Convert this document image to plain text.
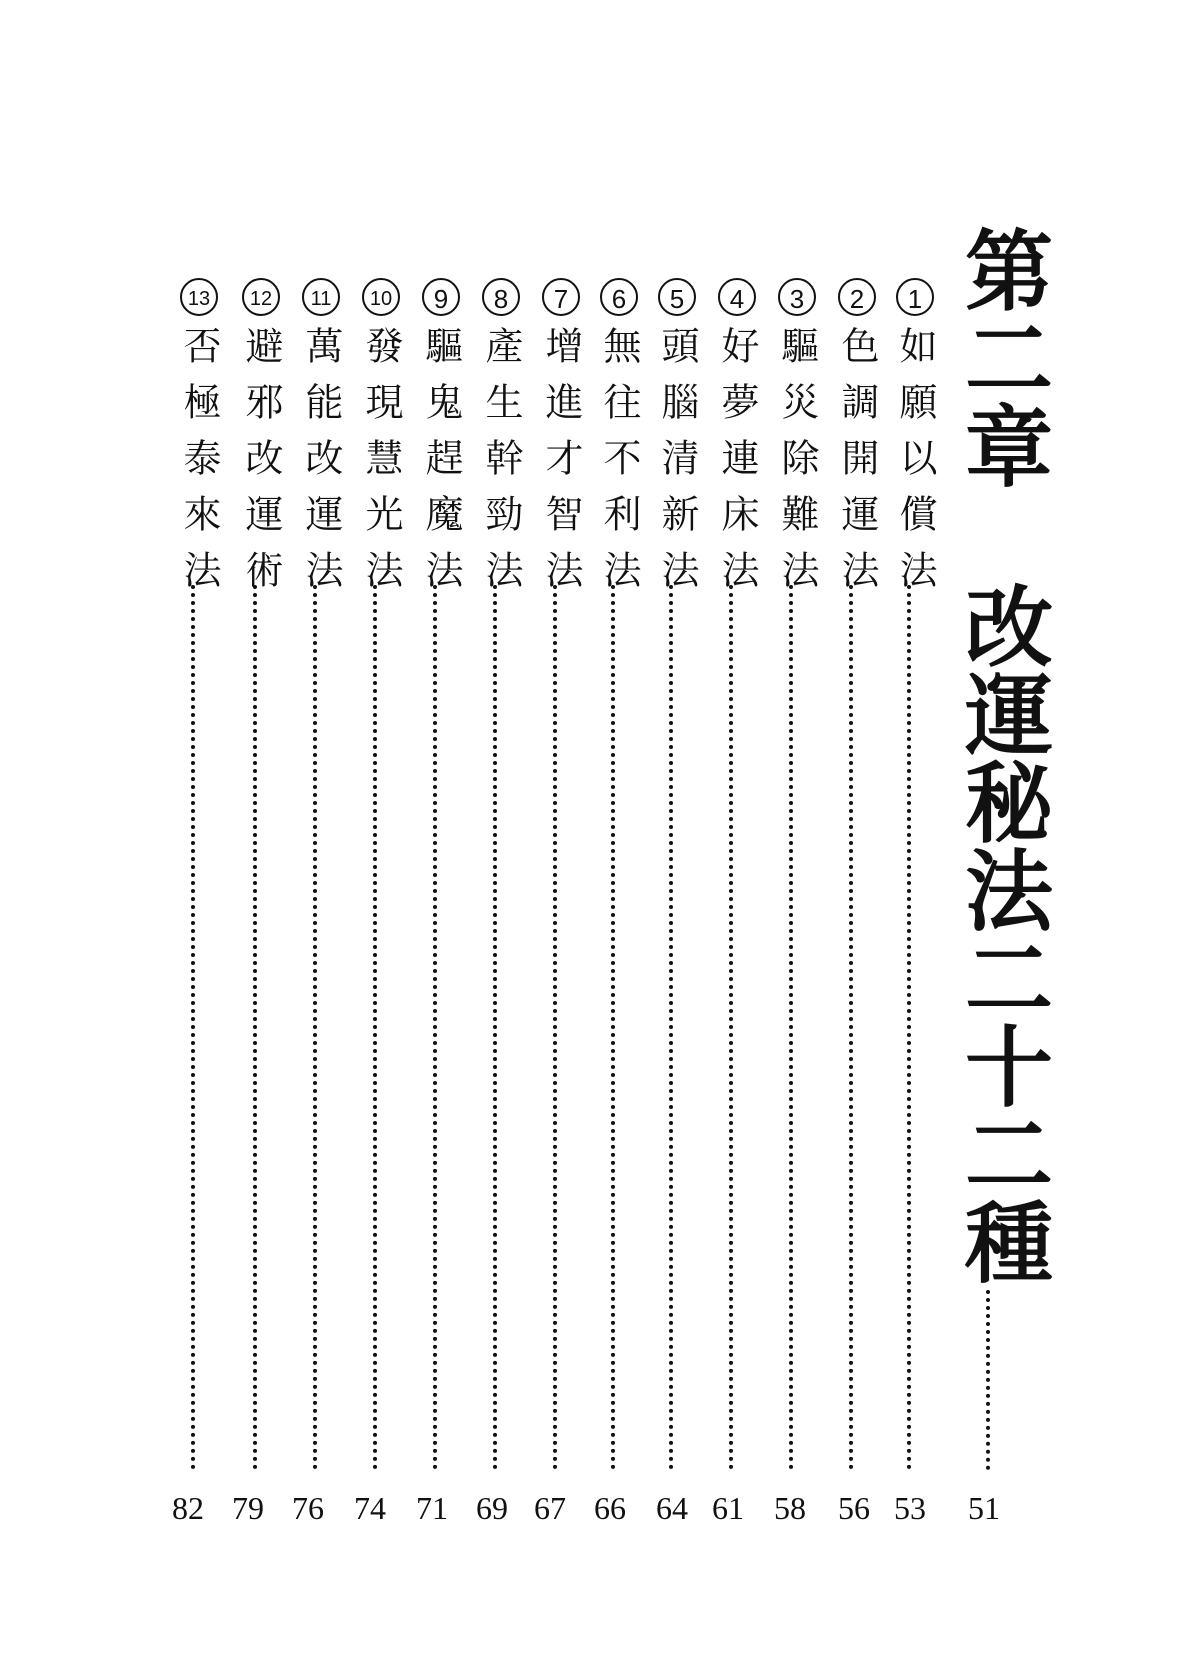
第二章改運秘法二十二種
51
1如願以償法
53
2色調開運法
56
3驅災除難法
58
4好夢連床法
61
5頭腦清新法
64
6無往不利法
66
7增進才智法
67
8產生幹勁法
69
9驅鬼趕魔法
71
10發現慧光法
74
11萬能改運法
76
12避邪改運術
79
13否極泰來法
82
